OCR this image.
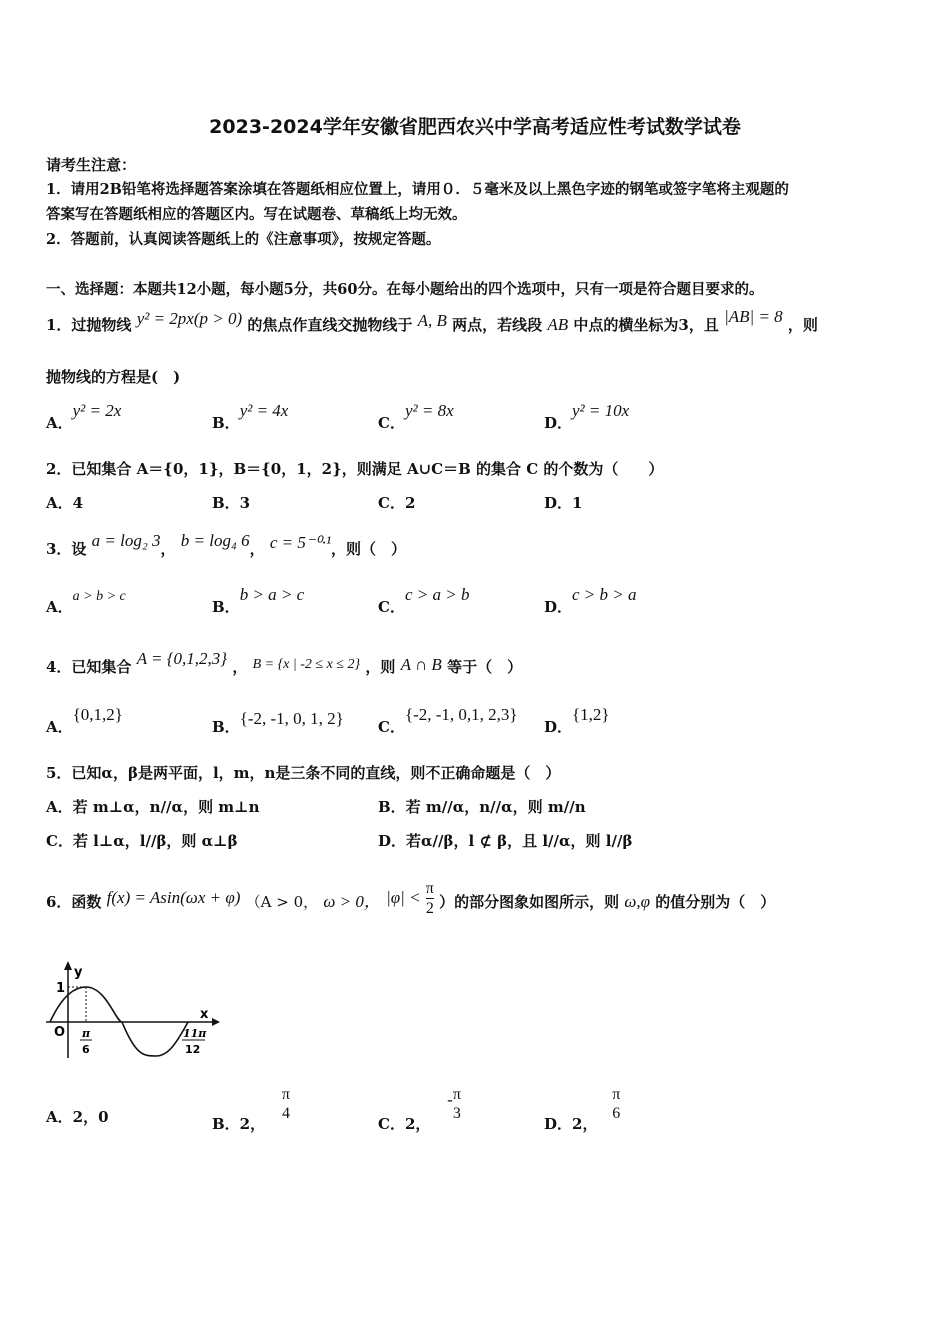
2023-2024学年安徽省肥西农兴中学高考适应性考试数学试卷
请考生注意：
1．请用2B铅笔将选择题答案涂填在答题纸相应位置上，请用０．５毫米及以上黑色字迹的钢笔或签字笔将主观题的
答案写在答题纸相应的答题区内。写在试题卷、草稿纸上均无效。
2．答题前，认真阅读答题纸上的《注意事项》，按规定答题。
一、选择题：本题共12小题，每小题5分，共60分。在每小题给出的四个选项中，只有一项是符合题目要求的。
1．过抛物线 y² = 2px(p > 0) 的焦点作直线交抛物线于 A, B 两点，若线段 AB 中点的横坐标为3，且 |AB| = 8 ，则
抛物线的方程是(　)
A．y² = 2x
B．y² = 4x
C．y² = 8x
D．y² = 10x
2．已知集合 A＝{0，1}，B＝{0，1，2}，则满足 A∪C＝B 的集合 C 的个数为（　　）
A．4	B．3	C．2	D．1
3．设 a = log₂ 3， b = log₄ 6， c = 5⁻⁰·¹，则（　）
A．a > b > c
B．b > a > c
C．c > a > b
D．c > b > a
4．已知集合 A = {0,1,2,3} ， B = {x | -2 ≤ x ≤ 2} ，则 A ∩ B 等于（　）
A．{0,1,2}
B．{-2, -1, 0, 1, 2} C．{-2, -1, 0,1, 2,3}
D．{1,2}
5．已知α，β是两平面，l，m，n是三条不同的直线，则不正确命题是（　）
A．若 m⊥α，n//α，则 m⊥n	B．若 m//α，n//α，则 m//n
C．若 l⊥α，l//β，则 α⊥β	D．若α//β，l ⊄ β，且 l//α，则 l//β
6．函数 f(x) = Asin(ωx + φ) （A > 0， ω > 0， $|\varphi| < \frac{\pi}{2}$ ）的部分图象如图所示，则 ω,φ 的值分别为（　）
y
x
O
1
π
6
11π
12
A．2，0	B．2，
π
4
C．2， - π
3
D．2，
π
6
